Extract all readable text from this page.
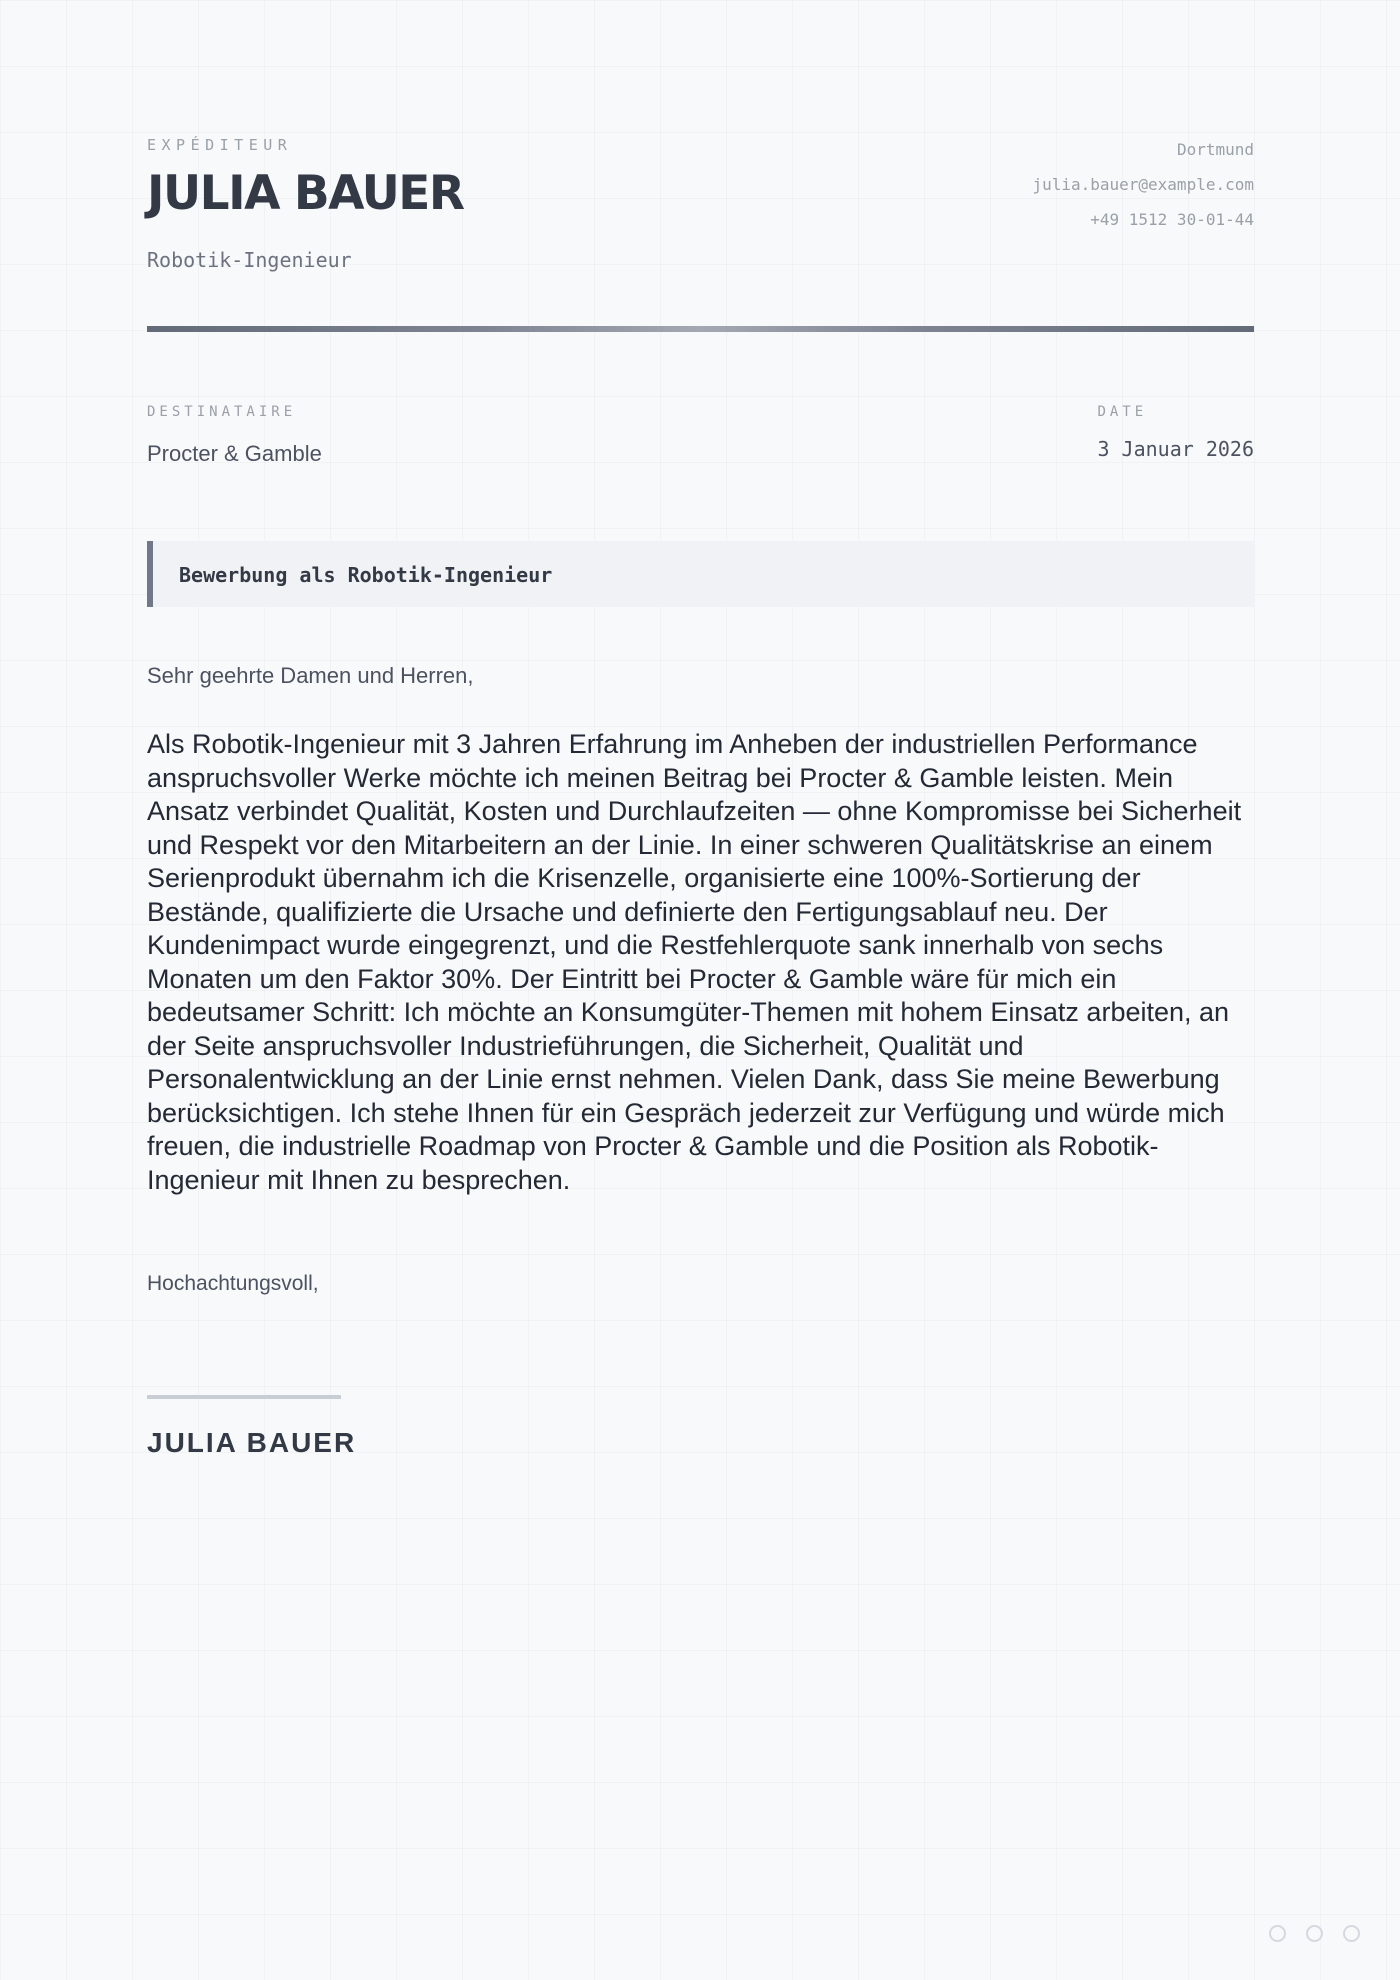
EXPÉDITEUR
JULIA BAUER
Robotik-Ingenieur
Dortmund
julia.bauer@example.com
+49 1512 30-01-44
DESTINATAIRE
Procter & Gamble
DATE
3 Januar 2026
Bewerbung als Robotik-Ingenieur
Sehr geehrte Damen und Herren,

Als Robotik-Ingenieur mit 3 Jahren Erfahrung im Anheben der industriellen Performance anspruchsvoller Werke möchte ich meinen Beitrag bei Procter & Gamble leisten. Mein Ansatz verbindet Qualität, Kosten und Durchlaufzeiten — ohne Kompromisse bei Sicherheit und Respekt vor den Mitarbeitern an der Linie. In einer schweren Qualitätskrise an einem Serienprodukt übernahm ich die Krisenzelle, organisierte eine 100%-Sortierung der Bestände, qualifizierte die Ursache und definierte den Fertigungsablauf neu. Der Kundenimpact wurde eingegrenzt, und die Restfehlerquote sank innerhalb von sechs Monaten um den Faktor 30%. Der Eintritt bei Procter & Gamble wäre für mich ein bedeutsamer Schritt: Ich möchte an Konsumgüter-Themen mit hohem Einsatz arbeiten, an der Seite anspruchsvoller Industrieführungen, die Sicherheit, Qualität und Personalentwicklung an der Linie ernst nehmen. Vielen Dank, dass Sie meine Bewerbung berücksichtigen. Ich stehe Ihnen für ein Gespräch jederzeit zur Verfügung und würde mich freuen, die industrielle Roadmap von Procter & Gamble und die Position als Robotik-Ingenieur mit Ihnen zu besprechen.

Hochachtungsvoll,
JULIA BAUER
